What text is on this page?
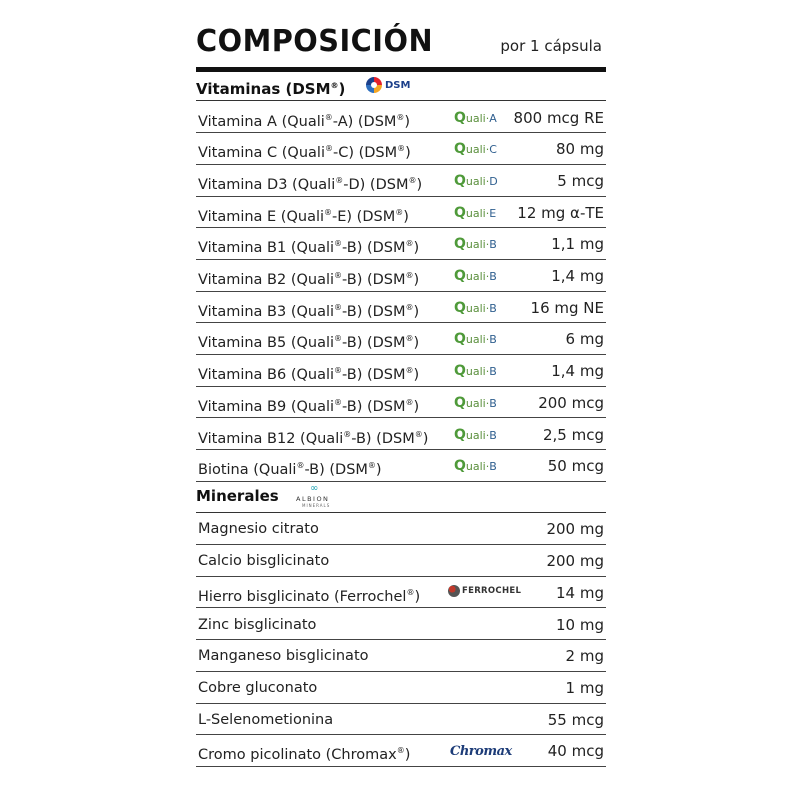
COMPOSICIÓN	por 1 cápsula
Vitaminas (DSM®)	DSM
Vitamina A (Quali®-A) (DSM®)	Quali·A 800 mcg RE
Vitamina C (Quali®-C) (DSM®)	Quali·C	80 mg
Vitamina D3 (Quali®-D) (DSM®) Quali·D	5 mcg
Vitamina E (Quali®-E) (DSM®)	Quali·E 12 mg α-TE
Vitamina B1 (Quali®-B) (DSM®) Quali·B	1,1 mg
Vitamina B2 (Quali®-B) (DSM®) Quali·B	1,4 mg
Vitamina B3 (Quali®-B) (DSM®) Quali·B 16 mg NE
Vitamina B5 (Quali®-B) (DSM®) Quali·B	6 mg
Vitamina B6 (Quali®-B) (DSM®) Quali·B	1,4 mg
Vitamina B9 (Quali®-B) (DSM®) Quali·B	200 mcg
Vitamina B12 (Quali®-B) (DSM®) Quali·B	2,5 mcg
Biotina (Quali®-B) (DSM®)	Quali·B	50 mcg
Minerales	∞
ALBION
MINERALS
Magnesio citrato	200 mg
Calcio bisglicinato	200 mg
Hierro bisglicinato (Ferrochel®)	FERROCHEL 14 mg
Zinc bisglicinato	10 mg
Manganeso bisglicinato	2 mg
Cobre gluconato	1 mg
L-Selenometionina	55 mcg
Cromo picolinato (Chromax®)	Chromax 40 mcg
